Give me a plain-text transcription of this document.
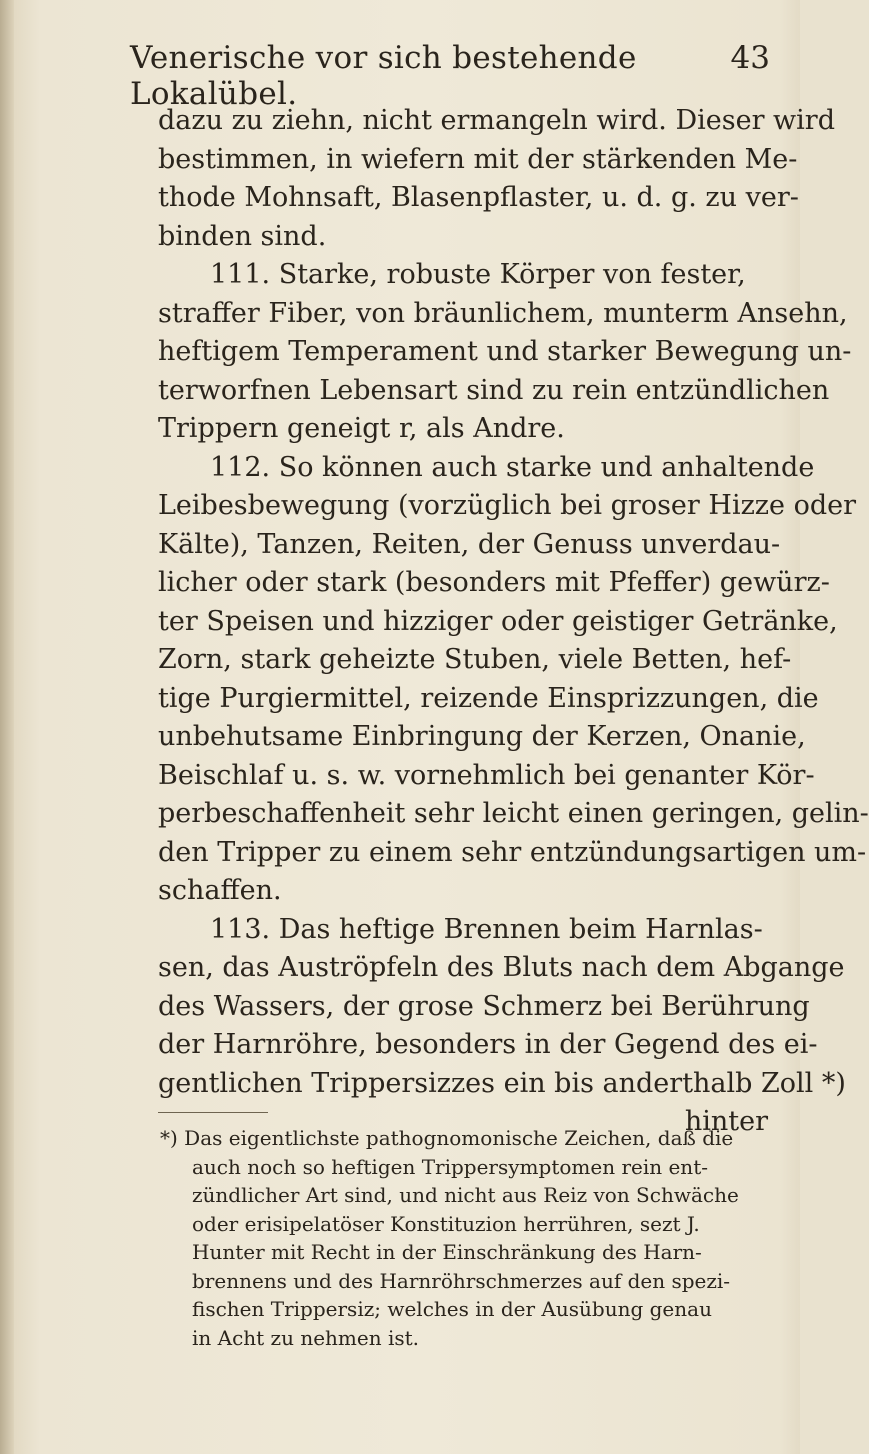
Venerische vor sich bestehende Lokalübel.
43
dazu zu ziehn, nicht ermangeln wird. Dieser wird
bestimmen, in wiefern mit der stärkenden Me-
thode Mohnsaft, Blasenpflaster, u. d. g. zu ver-
binden sind.
111. Starke, robuste Körper von fester,
straffer Fiber, von bräunlichem, munterm Ansehn,
heftigem Temperament und starker Bewegung un-
terworfnen Lebensart sind zu rein entzündlichen
Trippern geneigt r, als Andre.
112. So können auch starke und anhaltende
Leibesbewegung (vorzüglich bei groser Hizze oder
Kälte), Tanzen, Reiten, der Genuss unverdau-
licher oder stark (besonders mit Pfeffer) gewürz-
ter Speisen und hizziger oder geistiger Getränke,
Zorn, stark geheizte Stuben, viele Betten, hef-
tige Purgiermittel, reizende Einsprizzungen, die
unbehutsame Einbringung der Kerzen, Onanie,
Beischlaf u. s. w. vornehmlich bei genanter Kör-
perbeschaffenheit sehr leicht einen geringen, gelin-
den Tripper zu einem sehr entzündungsartigen um-
schaffen.
113. Das heftige Brennen beim Harnlas-
sen, das Auströpfeln des Bluts nach dem Abgange
des Wassers, der grose Schmerz bei Berührung
der Harnröhre, besonders in der Gegend des ei-
gentlichen Trippersizzes ein bis anderthalb Zoll *)
hinter
*) Das eigentlichste pathognomonische Zeichen, daß die
auch noch so heftigen Trippersymptomen rein ent-
zündlicher Art sind, und nicht aus Reiz von Schwäche
oder erisipelatöser Konstituzion herrühren, sezt J.
Hunter mit Recht in der Einschränkung des Harn-
brennens und des Harnröhrschmerzes auf den spezi-
fischen Trippersiz; welches in der Ausübung genau
in Acht zu nehmen ist.
